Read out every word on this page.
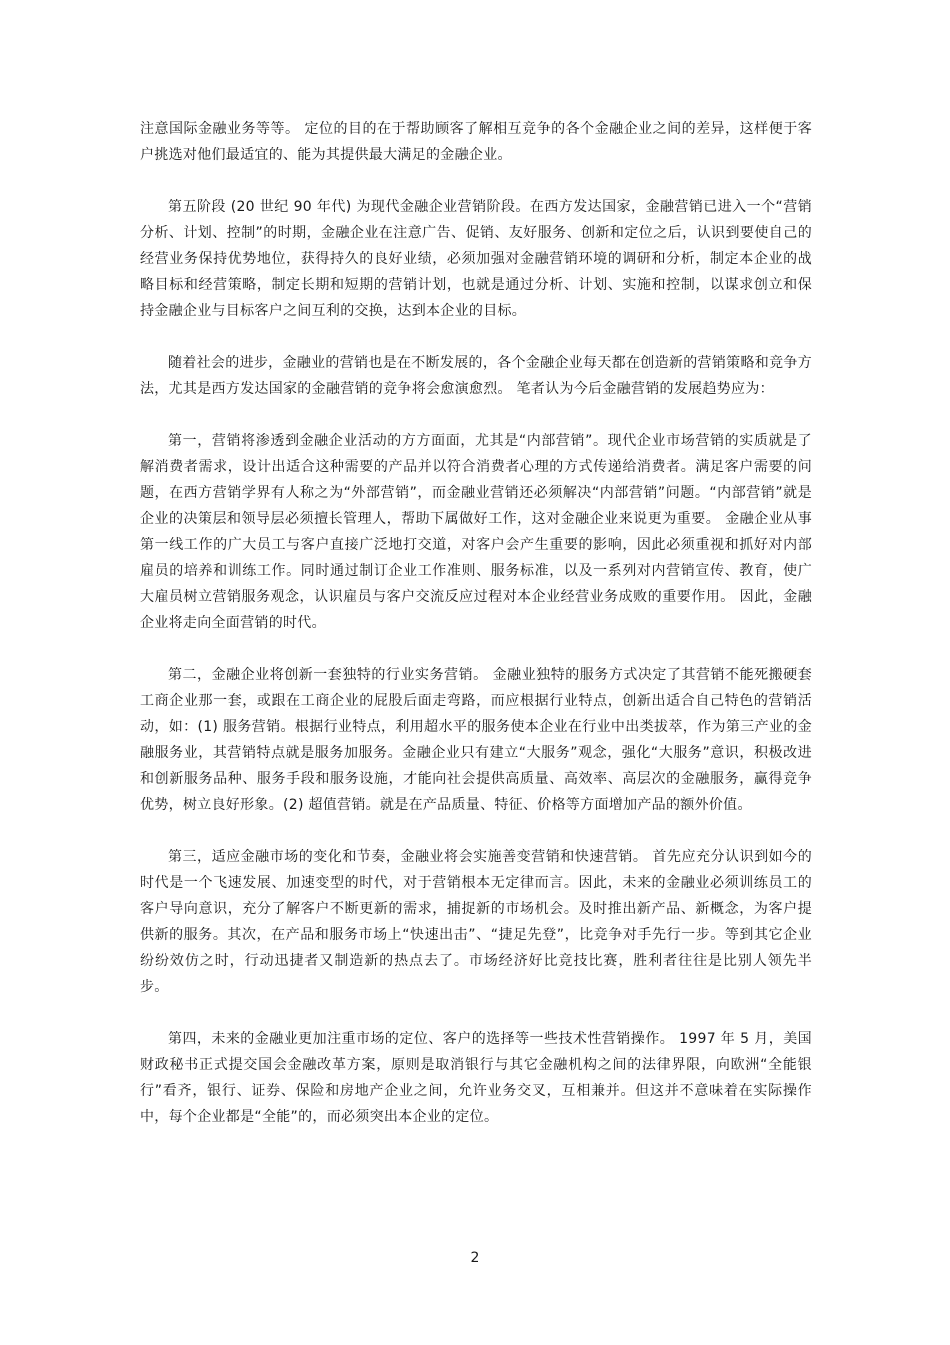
注意国际金融业务等等。 定位的目的在于帮助顾客了解相互竞争的各个金融企业之间的差异，这样便于客户挑选对他们最适宜的、能为其提供最大满足的金融企业。

第五阶段 (20 世纪 90 年代) 为现代金融企业营销阶段。在西方发达国家，金融营销已进入一个“营销分析、计划、控制”的时期，金融企业在注意广告、促销、友好服务、创新和定位之后，认识到要使自己的经营业务保持优势地位，获得持久的良好业绩，必须加强对金融营销环境的调研和分析，制定本企业的战略目标和经营策略，制定长期和短期的营销计划，也就是通过分析、计划、实施和控制，以谋求创立和保持金融企业与目标客户之间互利的交换，达到本企业的目标。

随着社会的进步，金融业的营销也是在不断发展的，各个金融企业每天都在创造新的营销策略和竞争方法，尤其是西方发达国家的金融营销的竞争将会愈演愈烈。 笔者认为今后金融营销的发展趋势应为：

第一，营销将渗透到金融企业活动的方方面面，尤其是“内部营销”。现代企业市场营销的实质就是了解消费者需求，设计出适合这种需要的产品并以符合消费者心理的方式传递给消费者。满足客户需要的问题，在西方营销学界有人称之为“外部营销”，而金融业营销还必须解决“内部营销”问题。“内部营销”就是企业的决策层和领导层必须擅长管理人，帮助下属做好工作，这对金融企业来说更为重要。 金融企业从事第一线工作的广大员工与客户直接广泛地打交道，对客户会产生重要的影响，因此必须重视和抓好对内部雇员的培养和训练工作。同时通过制订企业工作准则、服务标准，以及一系列对内营销宣传、教育，使广大雇员树立营销服务观念，认识雇员与客户交流反应过程对本企业经营业务成败的重要作用。 因此，金融企业将走向全面营销的时代。

第二，金融企业将创新一套独特的行业实务营销。 金融业独特的服务方式决定了其营销不能死搬硬套工商企业那一套，或跟在工商企业的屁股后面走弯路，而应根据行业特点，创新出适合自己特色的营销活动，如：(1) 服务营销。根据行业特点，利用超水平的服务使本企业在行业中出类拔萃，作为第三产业的金融服务业，其营销特点就是服务加服务。金融企业只有建立“大服务”观念，强化“大服务”意识，积极改进和创新服务品种、服务手段和服务设施，才能向社会提供高质量、高效率、高层次的金融服务，赢得竞争优势，树立良好形象。(2) 超值营销。就是在产品质量、特征、价格等方面增加产品的额外价值。

第三，适应金融市场的变化和节奏，金融业将会实施善变营销和快速营销。 首先应充分认识到如今的时代是一个飞速发展、加速变型的时代，对于营销根本无定律而言。因此，未来的金融业必须训练员工的客户导向意识，充分了解客户不断更新的需求，捕捉新的市场机会。及时推出新产品、新概念，为客户提供新的服务。其次，在产品和服务市场上“快速出击”、“捷足先登”，比竞争对手先行一步。等到其它企业纷纷效仿之时，行动迅捷者又制造新的热点去了。市场经济好比竞技比赛，胜利者往往是比别人领先半步。

第四，未来的金融业更加注重市场的定位、客户的选择等一些技术性营销操作。 1997 年 5 月，美国财政秘书正式提交国会金融改革方案，原则是取消银行与其它金融机构之间的法律界限，向欧洲“全能银行”看齐，银行、证券、保险和房地产企业之间，允许业务交叉，互相兼并。但这并不意味着在实际操作中，每个企业都是“全能”的，而必须突出本企业的定位。

2
